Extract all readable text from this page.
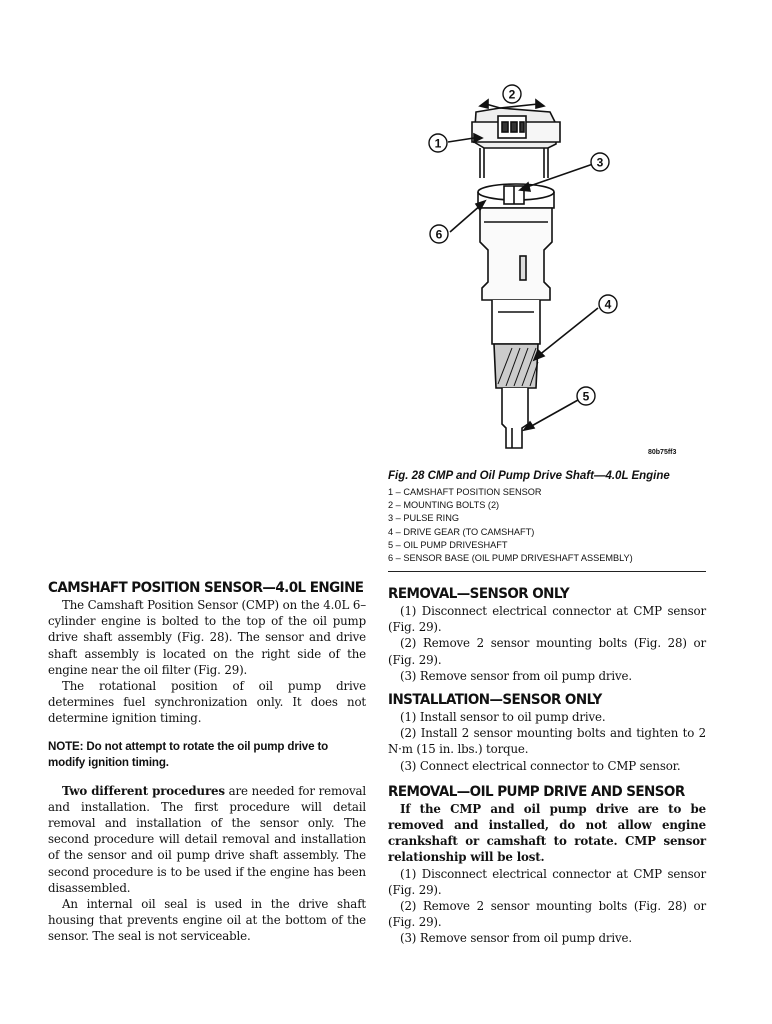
1
2
3
6
4
5
80b75ff3
Fig. 28 CMP and Oil Pump Drive Shaft—4.0L Engine
1 – CAMSHAFT POSITION SENSOR
2 – MOUNTING BOLTS (2)
3 – PULSE RING
4 – DRIVE GEAR (TO CAMSHAFT)
5 – OIL PUMP DRIVESHAFT
6 – SENSOR BASE (OIL PUMP DRIVESHAFT ASSEMBLY)
CAMSHAFT POSITION SENSOR—4.0L ENGINE

The Camshaft Position Sensor (CMP) on the 4.0L 6–cylinder engine is bolted to the top of the oil pump drive shaft assembly (Fig. 28). The sensor and drive shaft assembly is located on the right side of the engine near the oil filter (Fig. 29).

The rotational position of oil pump drive determines fuel synchronization only. It does not determine ignition timing.

NOTE: Do not attempt to rotate the oil pump drive to modify ignition timing.

Two different procedures are needed for removal and installation. The first procedure will detail removal and installation of the sensor only. The second procedure will detail removal and installation of the sensor and oil pump drive shaft assembly. The second procedure is to be used if the engine has been disassembled.

An internal oil seal is used in the drive shaft housing that prevents engine oil at the bottom of the sensor. The seal is not serviceable.

REMOVAL—SENSOR ONLY

(1) Disconnect electrical connector at CMP sensor (Fig. 29).

(2) Remove 2 sensor mounting bolts (Fig. 28) or (Fig. 29).

(3) Remove sensor from oil pump drive.

INSTALLATION—SENSOR ONLY

(1) Install sensor to oil pump drive.

(2) Install 2 sensor mounting bolts and tighten to 2 N·m (15 in. lbs.) torque.

(3) Connect electrical connector to CMP sensor.

REMOVAL—OIL PUMP DRIVE AND SENSOR

If the CMP and oil pump drive are to be removed and installed, do not allow engine crankshaft or camshaft to rotate. CMP sensor relationship will be lost.

(1) Disconnect electrical connector at CMP sensor (Fig. 29).

(2) Remove 2 sensor mounting bolts (Fig. 28) or (Fig. 29).

(3) Remove sensor from oil pump drive.
